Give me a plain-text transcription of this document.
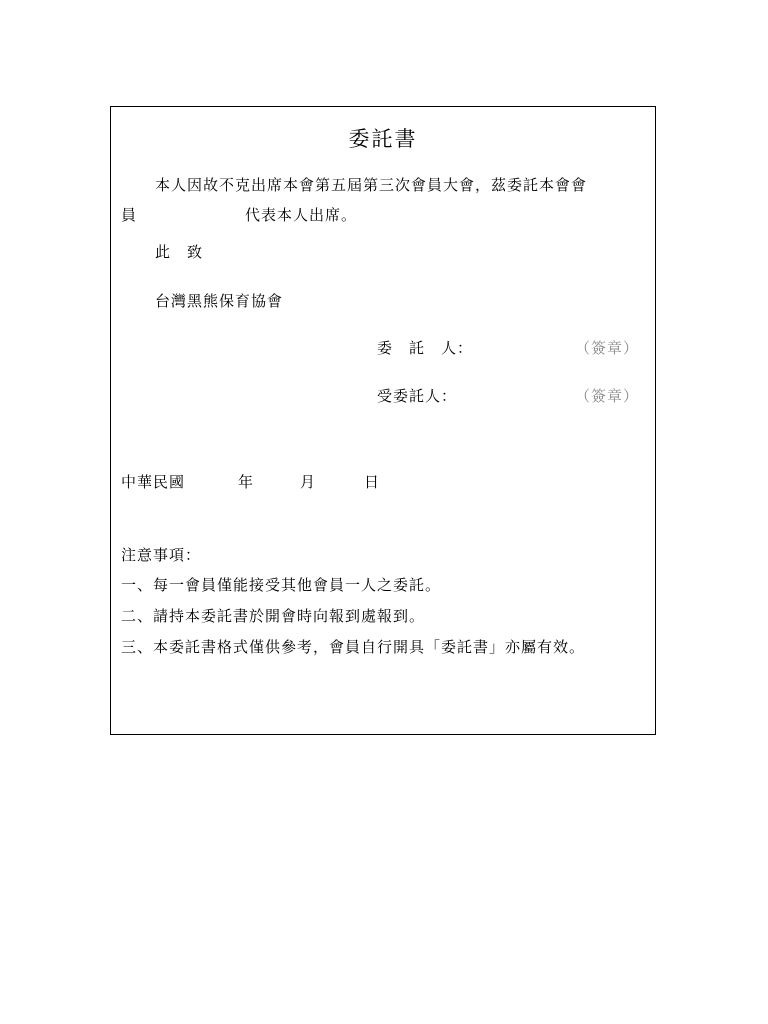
委託書
本人因故不克出席本會第五屆第三次會員大會，茲委託本會會
員	代表本人出席。
此　致
台灣黑熊保育協會
委　託　人：	（簽章）
受委託人：	（簽章）
中華民國	年	月	日
注意事項：
一、每一會員僅能接受其他會員一人之委託。
二、請持本委託書於開會時向報到處報到。
三、本委託書格式僅供參考，會員自行開具「委託書」亦屬有效。
